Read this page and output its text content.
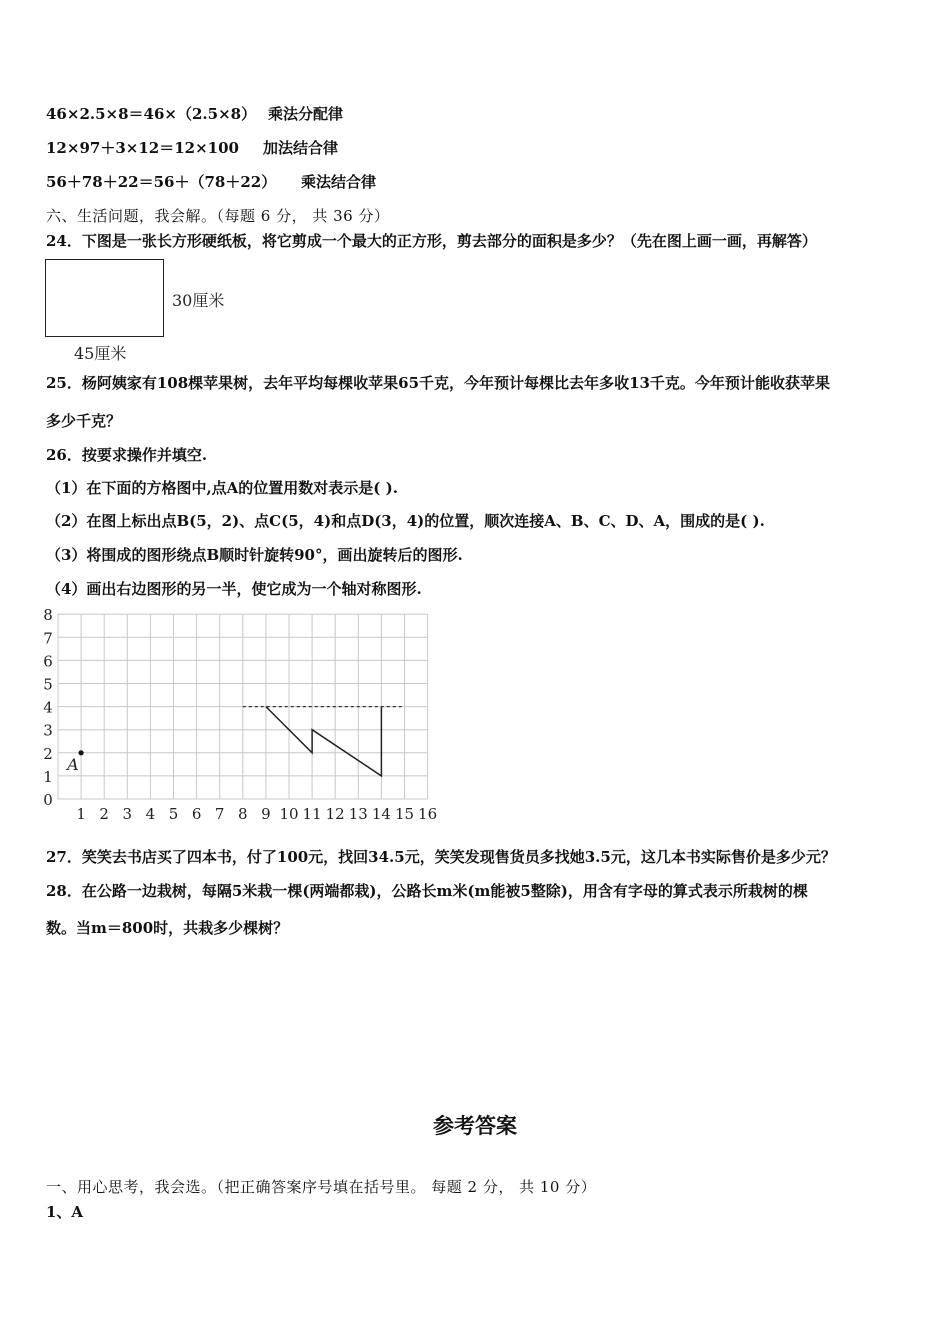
46×2.5×8＝46×（2.5×8） 乘法分配律
12×97＋3×12＝12×100 加法结合律
56＋78＋22＝56＋（78＋22） 乘法结合律
六、生活问题，我会解。（每题 6 分， 共 36 分）
24．下图是一张长方形硬纸板，将它剪成一个最大的正方形，剪去部分的面积是多少？（先在图上画一画，再解答）
30厘米
45厘米
25．杨阿姨家有108棵苹果树，去年平均每棵收苹果65千克，今年预计每棵比去年多收13千克。今年预计能收获苹果
多少千克？
26．按要求操作并填空.
（1）在下面的方格图中,点A的位置用数对表示是( ).
（2）在图上标出点B(5，2)、点C(5，4)和点D(3，4)的位置，顺次连接A、B、C、D、A，围成的是( ).
（3）将围成的图形绕点B顺时针旋转90°，画出旋转后的图形.
（4）画出右边图形的另一半，使它成为一个轴对称图形.
1 2 3 4 5 6 7 8 9 10 11 12 13 14 15 16
8
7
6
5
4
3
2
1
0
A
27．笑笑去书店买了四本书，付了100元，找回34.5元，笑笑发现售货员多找她3.5元，这几本书实际售价是多少元？
28．在公路一边栽树，每隔5米栽一棵(两端都栽)，公路长m米(m能被5整除)，用含有字母的算式表示所栽树的棵
数。当m＝800时，共栽多少棵树？
参考答案
一、用心思考，我会选。（把正确答案序号填在括号里。 每题 2 分， 共 10 分）
1、A
